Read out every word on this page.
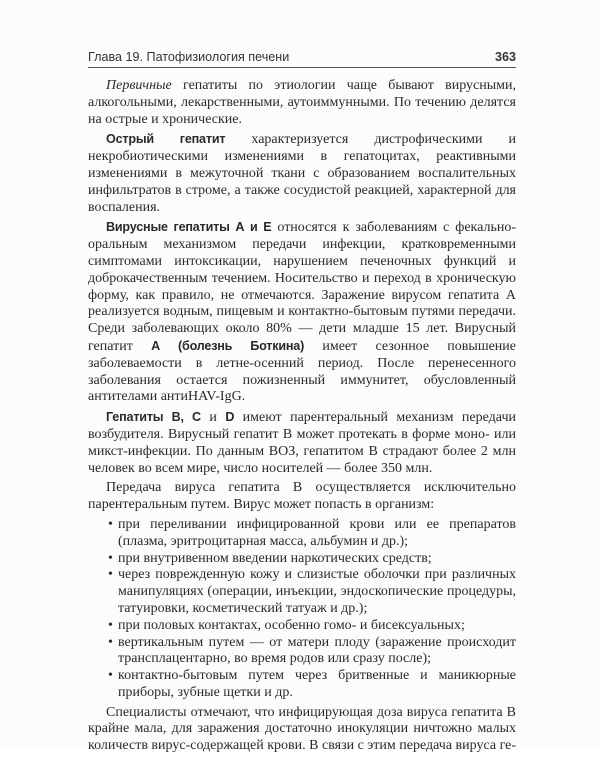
Глава 19. Патофизиология печени	363

Первичные гепатиты по этиологии чаще бывают вирусными, алкогольными, лекарственными, аутоиммунными. По течению делятся на острые и хронические.

Острый гепатит характеризуется дистрофическими и некробиотическими изменениями в гепатоцитах, реактивными изменениями в межуточной ткани с образованием воспалительных инфильтратов в строме, а также сосудистой реакцией, характерной для воспаления.

Вирусные гепатиты А и Е относятся к заболеваниям с фекально-оральным механизмом передачи инфекции, кратковременными симптомами интоксикации, нарушением печеночных функций и доброкачественным течением. Носительство и переход в хроническую форму, как правило, не отмечаются. Заражение вирусом гепатита А реализуется водным, пищевым и контактно-бытовым путями передачи. Среди заболевающих около 80% — дети младше 15 лет. Вирусный гепатит А (болезнь Боткина) имеет сезонное повышение заболеваемости в летне-осенний период. После перенесенного заболевания остается пожизненный иммунитет, обусловленный антителами антиHAV-IgG.

Гепатиты B, C и D имеют парентеральный механизм передачи возбудителя. Вирусный гепатит В может протекать в форме моно- или микст-инфекции. По данным ВОЗ, гепатитом В страдают более 2 млн человек во всем мире, число носителей — более 350 млн.

Передача вируса гепатита В осуществляется исключительно парентеральным путем. Вирус может попасть в организм:

• при переливании инфицированной крови или ее препаратов (плазма, эритроцитарная масса, альбумин и др.);
• при внутривенном введении наркотических средств;
• через поврежденную кожу и слизистые оболочки при различных манипуляциях (операции, инъекции, эндоскопические процедуры, татуировки, косметический татуаж и др.);
• при половых контактах, особенно гомо- и бисексуальных;
• вертикальным путем — от матери плоду (заражение происходит трансплацентарно, во время родов или сразу после);
• контактно-бытовым путем через бритвенные и маникюрные приборы, зубные щетки и др.

Специалисты отмечают, что инфицирующая доза вируса гепатита В крайне мала, для заражения достаточно инокуляции ничтожно малых количеств вирус-содержащей крови. В связи с этим передача вируса ге-
